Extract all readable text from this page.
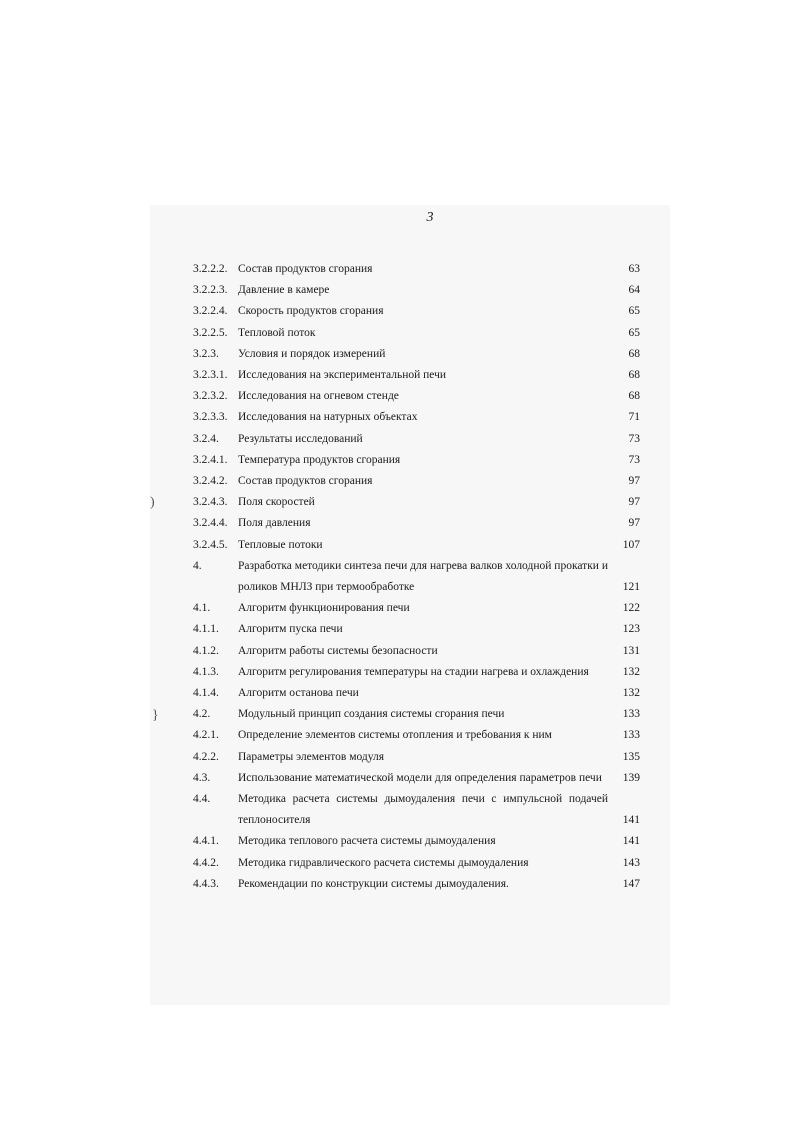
3
)
}
3.2.2.2. Состав продуктов сгорания	63
3.2.2.3. Давление в камере	64
3.2.2.4. Скорость продуктов сгорания	65
3.2.2.5. Тепловой поток	65
3.2.3.	Условия и порядок измерений	68
3.2.3.1. Исследования на экспериментальной печи	68
3.2.3.2. Исследования на огневом стенде	68
3.2.3.3. Исследования на натурных объектах	71
3.2.4.	Результаты исследований	73
3.2.4.1. Температура продуктов сгорания	73
3.2.4.2. Состав продуктов сгорания	97
3.2.4.3. Поля скоростей	97
3.2.4.4. Поля давления	97
3.2.4.5. Тепловые потоки	107
4.	Разработка методики синтеза печи для нагрева валков холодной прокатки и роликов МНЛЗ при термообработке	121
4.1.	Алгоритм функционирования печи	122
4.1.1.	Алгоритм пуска печи	123
4.1.2.	Алгоритм работы системы безопасности	131
4.1.3.	Алгоритм регулирования температуры на стадии нагрева и охлаждения	132
4.1.4.	Алгоритм останова печи	132
4.2.	Модульный принцип создания системы сгорания печи	133
4.2.1.	Определение элементов системы отопления и требования к ним	133
4.2.2.	Параметры элементов модуля	135
4.3.	Использование математической модели для определения параметров печи	139
4.4.	Методика расчета системы дымоудаления печи с импульсной подачей теплоносителя	141
4.4.1.	Методика теплового расчета системы дымоудаления	141
4.4.2.	Методика гидравлического расчета системы дымоудаления	143
4.4.3.	Рекомендации по конструкции системы дымоудаления.	147
